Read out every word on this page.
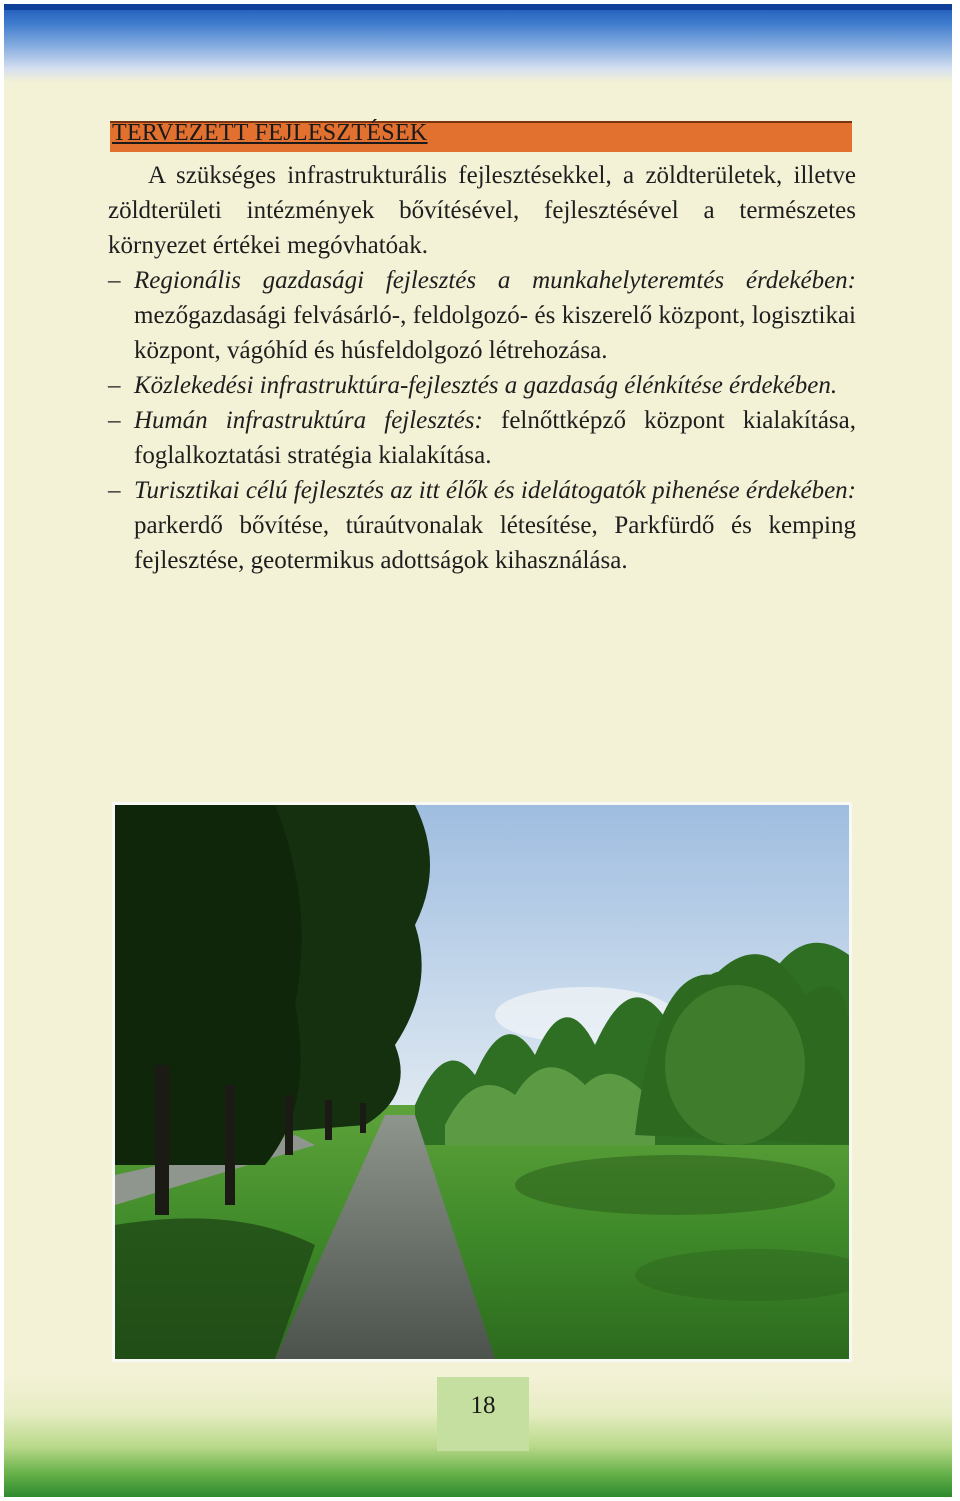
TERVEZETT FEJLESZTÉSEK

A szükséges infrastrukturális fejlesztésekkel, a zöldterületek, illetve zöldterületi intézmények bővítésével, fejlesztésével a természetes környezet értékei megóvhatóak.

– Regionális gazdasági fejlesztés a munkahelyteremtés érdekében: mezőgazdasági felvásárló-, feldolgozó- és kiszerelő központ, logisztikai központ, vágóhíd és húsfeldolgozó létrehozása.

– Közlekedési infrastruktúra-fejlesztés a gazdaság élénkítése érdekében.

– Humán infrastruktúra fejlesztés: felnőttképző központ kialakítása, foglalkoztatási stratégia kialakítása.

– Turisztikai célú fejlesztés az itt élők és idelátogatók pihenése érdekében: parkerdő bővítése, túraútvonalak létesítése, Parkfürdő és kemping fejlesztése, geotermikus adottságok kihasználása.

18
